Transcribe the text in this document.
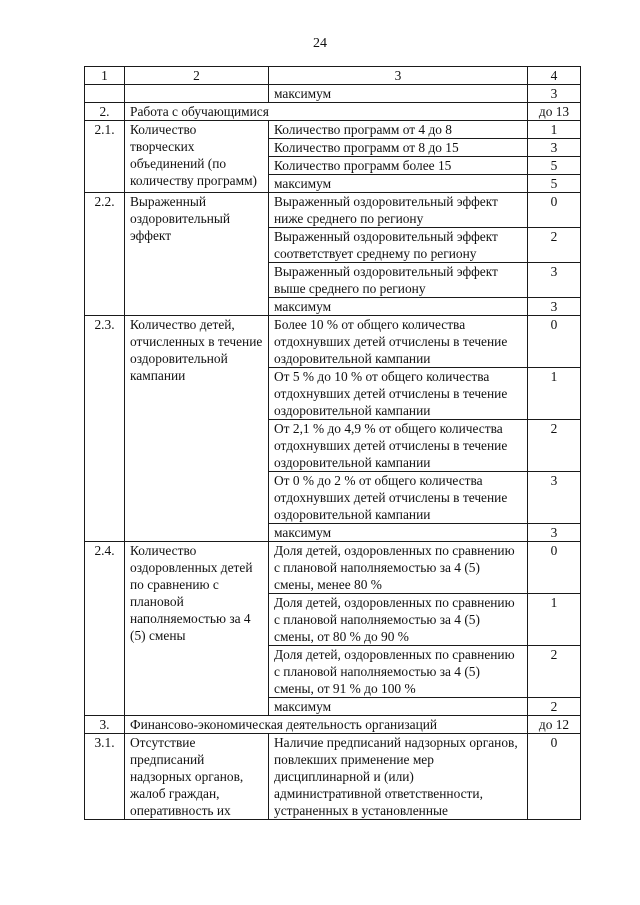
24
1	2	3	4
		максимум	3
2.	Работа с обучающимися		до 13
2.1.	Количество творческих объединений (по количеству программ)	Количество программ от 4 до 8	1
		Количество программ от 8 до 15	3
		Количество программ более 15	5
		максимум	5
2.2.	Выраженный оздоровительный эффект	Выраженный оздоровительный эффект ниже среднего по региону	0
		Выраженный оздоровительный эффект соответствует среднему по региону	2
		Выраженный оздоровительный эффект выше среднего по региону	3
		максимум	3
2.3.	Количество детей, отчисленных в течение оздоровительной кампании	Более 10 % от общего количества отдохнувших детей отчислены в течение оздоровительной кампании	0
		От 5 % до 10 % от общего количества отдохнувших детей отчислены в течение оздоровительной кампании	1
		От 2,1 % до 4,9 % от общего количества отдохнувших детей отчислены в течение оздоровительной кампании	2
		От 0 % до 2 % от общего количества отдохнувших детей отчислены в течение оздоровительной кампании	3
		максимум	3
2.4.	Количество оздоровленных детей по сравнению с плановой наполняемостью за 4 (5) смены	Доля детей, оздоровленных по сравнению с плановой наполняемостью за 4 (5) смены, менее 80 %	0
		Доля детей, оздоровленных по сравнению с плановой наполняемостью за 4 (5) смены, от 80 % до 90 %	1
		Доля детей, оздоровленных по сравнению с плановой наполняемостью за 4 (5) смены, от 91 % до 100 %	2
		максимум	2
3.	Финансово-экономическая деятельность организаций		до 12
3.1.	Отсутствие предписаний надзорных органов, жалоб граждан, оперативность их	Наличие предписаний надзорных органов, повлекших применение мер дисциплинарной и (или) административной ответственности, устраненных в установленные	0
